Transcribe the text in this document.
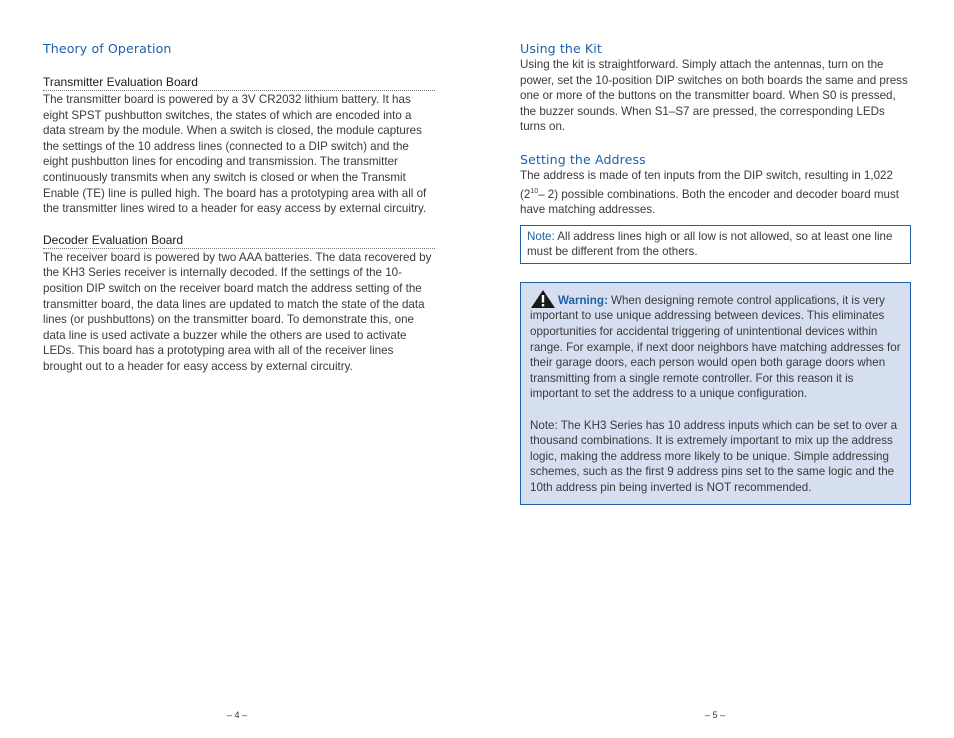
Theory of Operation
Transmitter Evaluation Board

The transmitter board is powered by a 3V CR2032 lithium battery. It has eight SPST pushbutton switches, the states of which are encoded into a data stream by the module. When a switch is closed, the module captures the settings of the 10 address lines (connected to a DIP switch) and the eight pushbutton lines for encoding and transmission. The transmitter continuously transmits when any switch is closed or when the Transmit Enable (TE) line is pulled high. The board has a prototyping area with all of the transmitter lines wired to a header for easy access by external circuitry.

Decoder Evaluation Board

The receiver board is powered by two AAA batteries. The data recovered by the KH3 Series receiver is internally decoded. If the settings of the 10-position DIP switch on the receiver board match the address setting of the transmitter board, the data lines are updated to match the state of the data lines (or pushbuttons) on the transmitter board. To demonstrate this, one data line is used activate a buzzer while the others are used to activate LEDs. This board has a prototyping area with all of the receiver lines brought out to a header for easy access by external circuitry.

– 4 –
Using the Kit

Using the kit is straightforward. Simply attach the antennas, turn on the power, set the 10-position DIP switches on both boards the same and press one or more of the buttons on the transmitter board. When S0 is pressed, the buzzer sounds. When S1–S7 are pressed, the corresponding LEDs turns on.

Setting the Address

The address is made of ten inputs from the DIP switch, resulting in 1,022 ($2^{10}-$ 2) possible combinations. Both the encoder and decoder board must have matching addresses.

Note: All address lines high or all low is not allowed, so at least one line must be different from the others.

Warning: When designing remote control applications, it is very important to use unique addressing between devices. This eliminates opportunities for accidental triggering of unintentional devices within range. For example, if next door neighbors have matching addresses for their garage doors, each person would open both garage doors when transmitting from a single remote controller. For this reason it is important to set the address to a unique configuration.

Note: The KH3 Series has 10 address inputs which can be set to over a thousand combinations. It is extremely important to mix up the address logic, making the address more likely to be unique. Simple addressing schemes, such as the first 9 address pins set to the same logic and the 10th address pin being inverted is NOT recommended.

– 5 –
